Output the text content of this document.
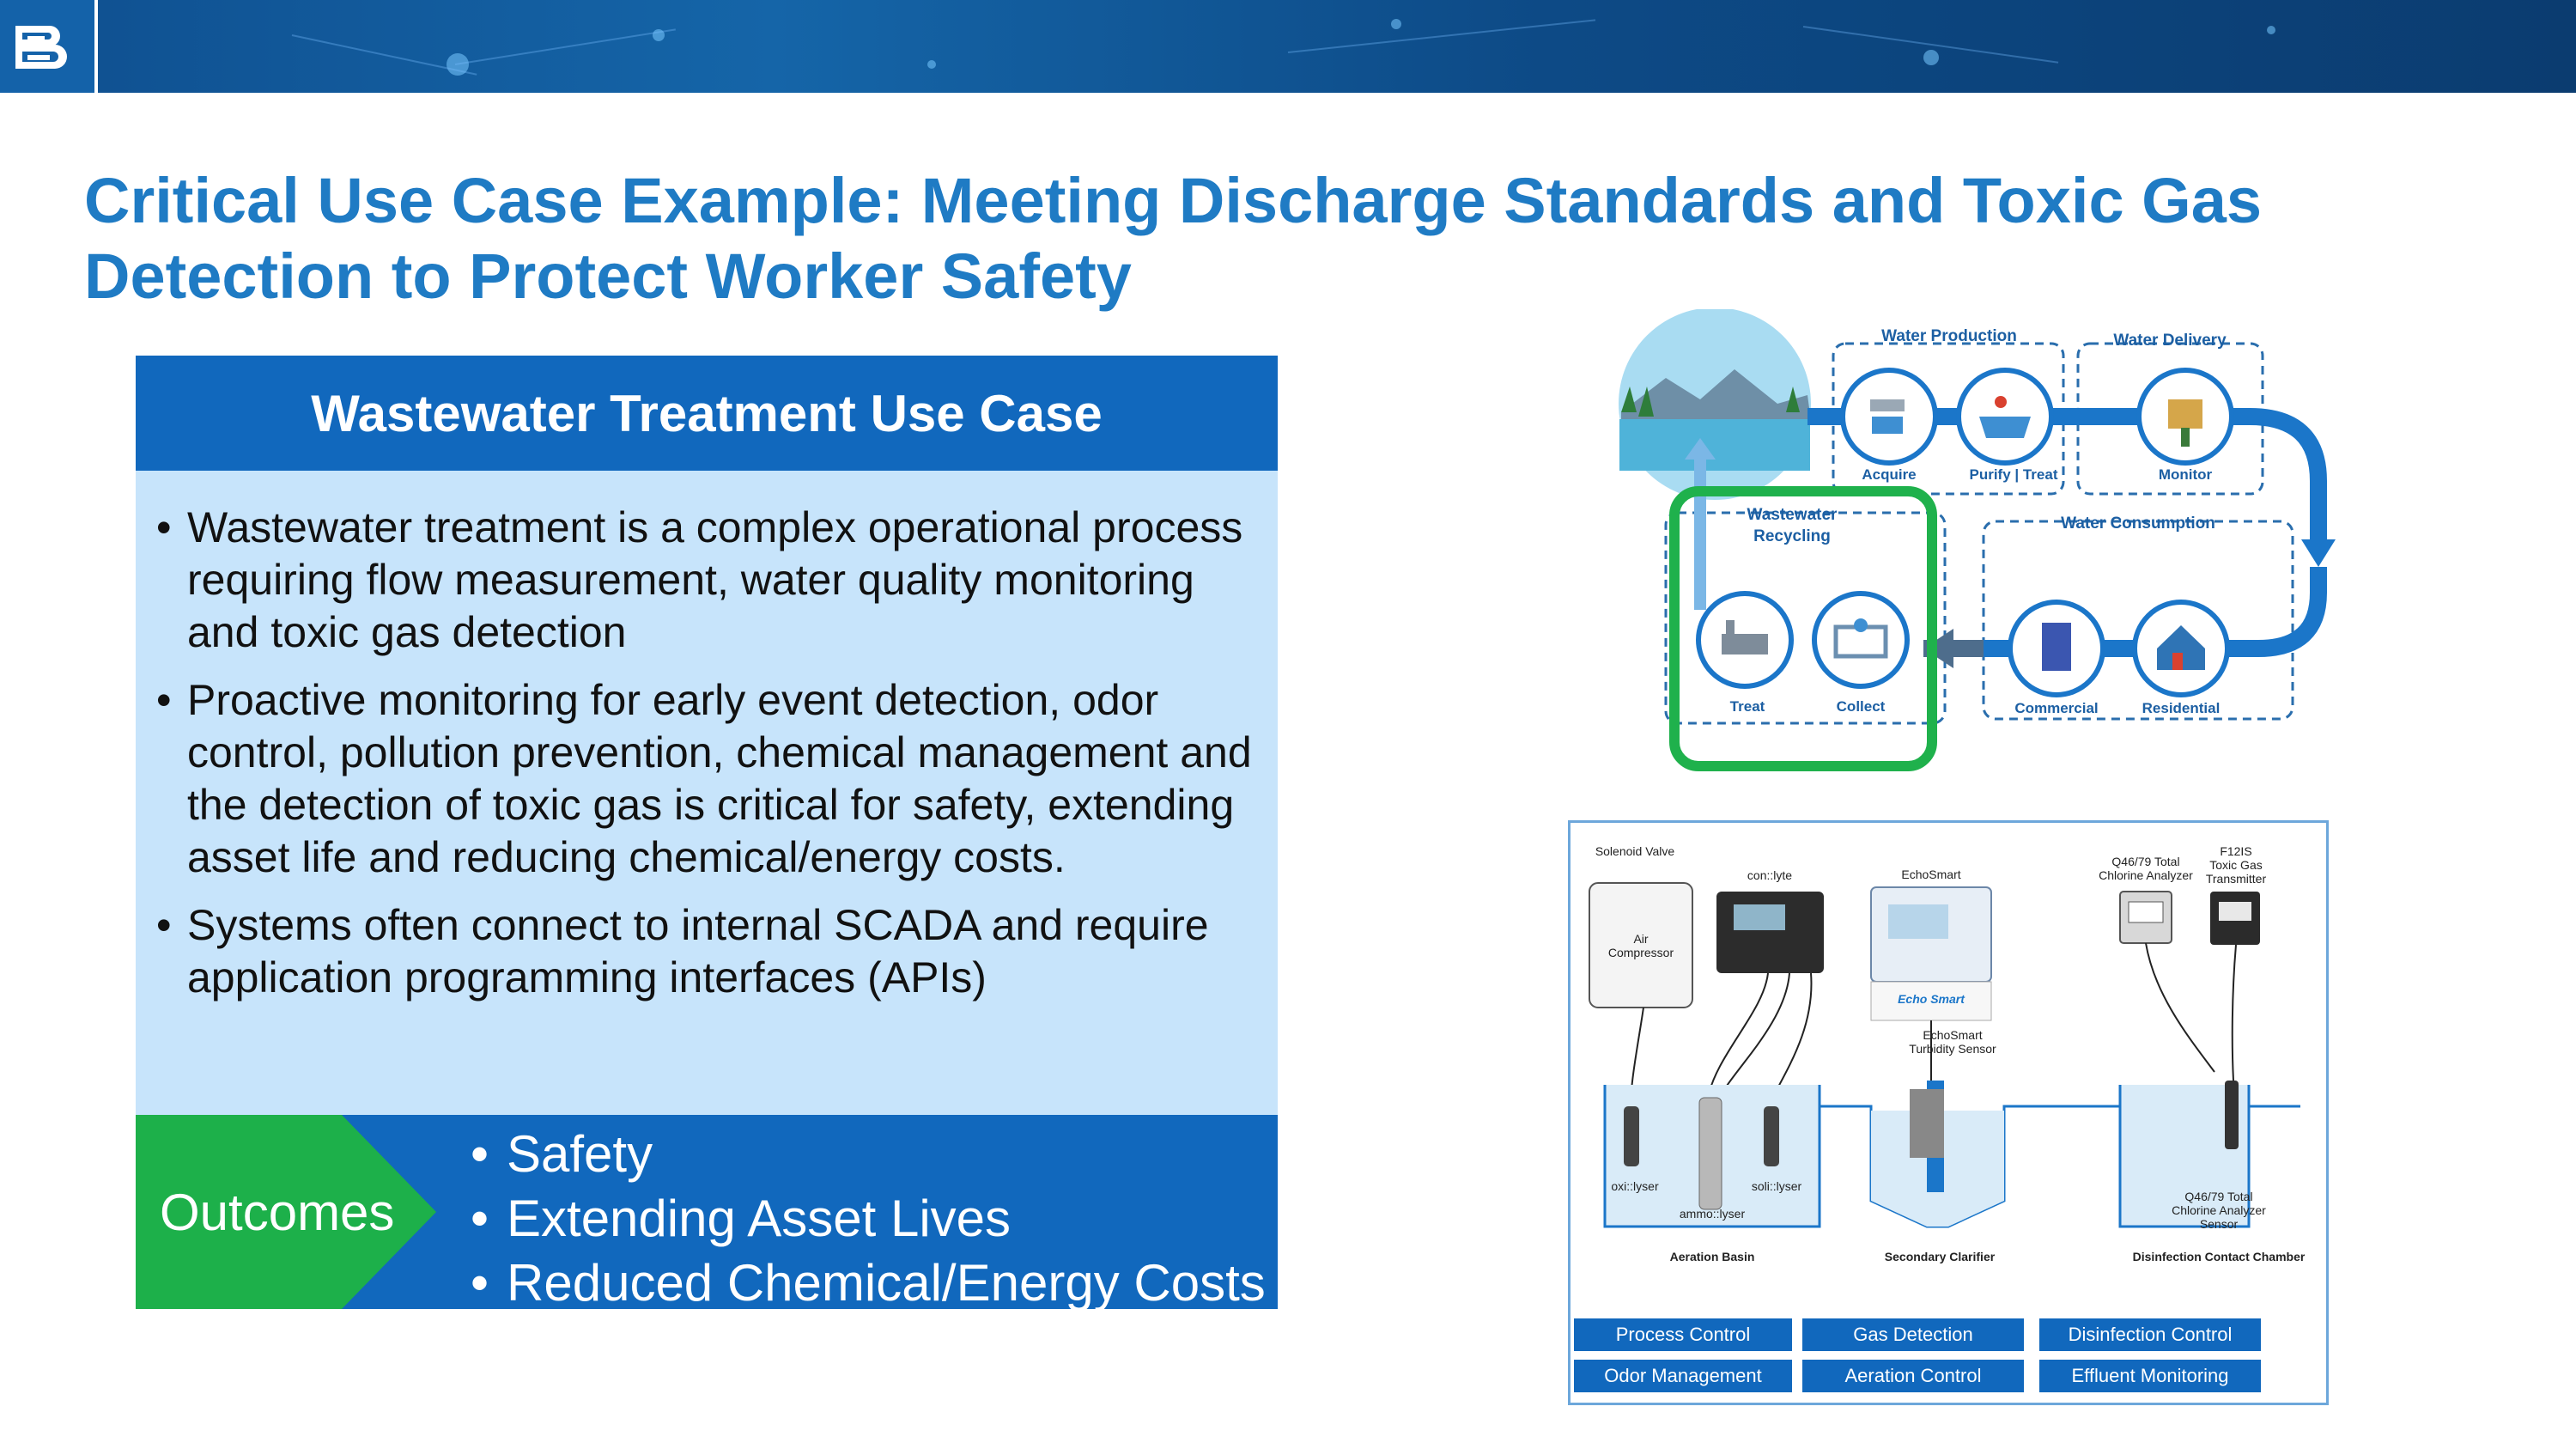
Critical Use Case Example: Meeting Discharge Standards and Toxic Gas Detection to Protect Worker Safety
Wastewater Treatment Use Case
• Wastewater treatment is a complex operational process requiring flow measurement, water quality monitoring and toxic gas detection
• Proactive monitoring for early event detection, odor control, pollution prevention, chemical management and the detection of toxic gas is critical for safety, extending asset life and reducing chemical/energy costs.
• Systems often connect to internal SCADA and require application programming interfaces (APIs)
Outcomes
• Safety
• Extending Asset Lives
• Reduced Chemical/Energy Costs
Water Production	Water Delivery
Water Consumption
Wastewater
Recycling
Acquire	Purify | Treat	Monitor
Commercial	Residential
Treat	Collect
Solenoid Valve
Air
Compressor
con::lyte	EchoSmart
Echo Smart
Q46/79 Total
Chlorine Analyzer
F12IS
Toxic Gas
Transmitter
EchoSmart
Turbidity Sensor
oxi::lyser
ammo::lyser
soli::lyser
Q46/79 Total
Chlorine Analyzer
Sensor
Aeration Basin	Secondary Clarifier	Disinfection Contact Chamber
Process Control	Gas Detection	Disinfection Control
Odor Management	Aeration Control	Effluent Monitoring
